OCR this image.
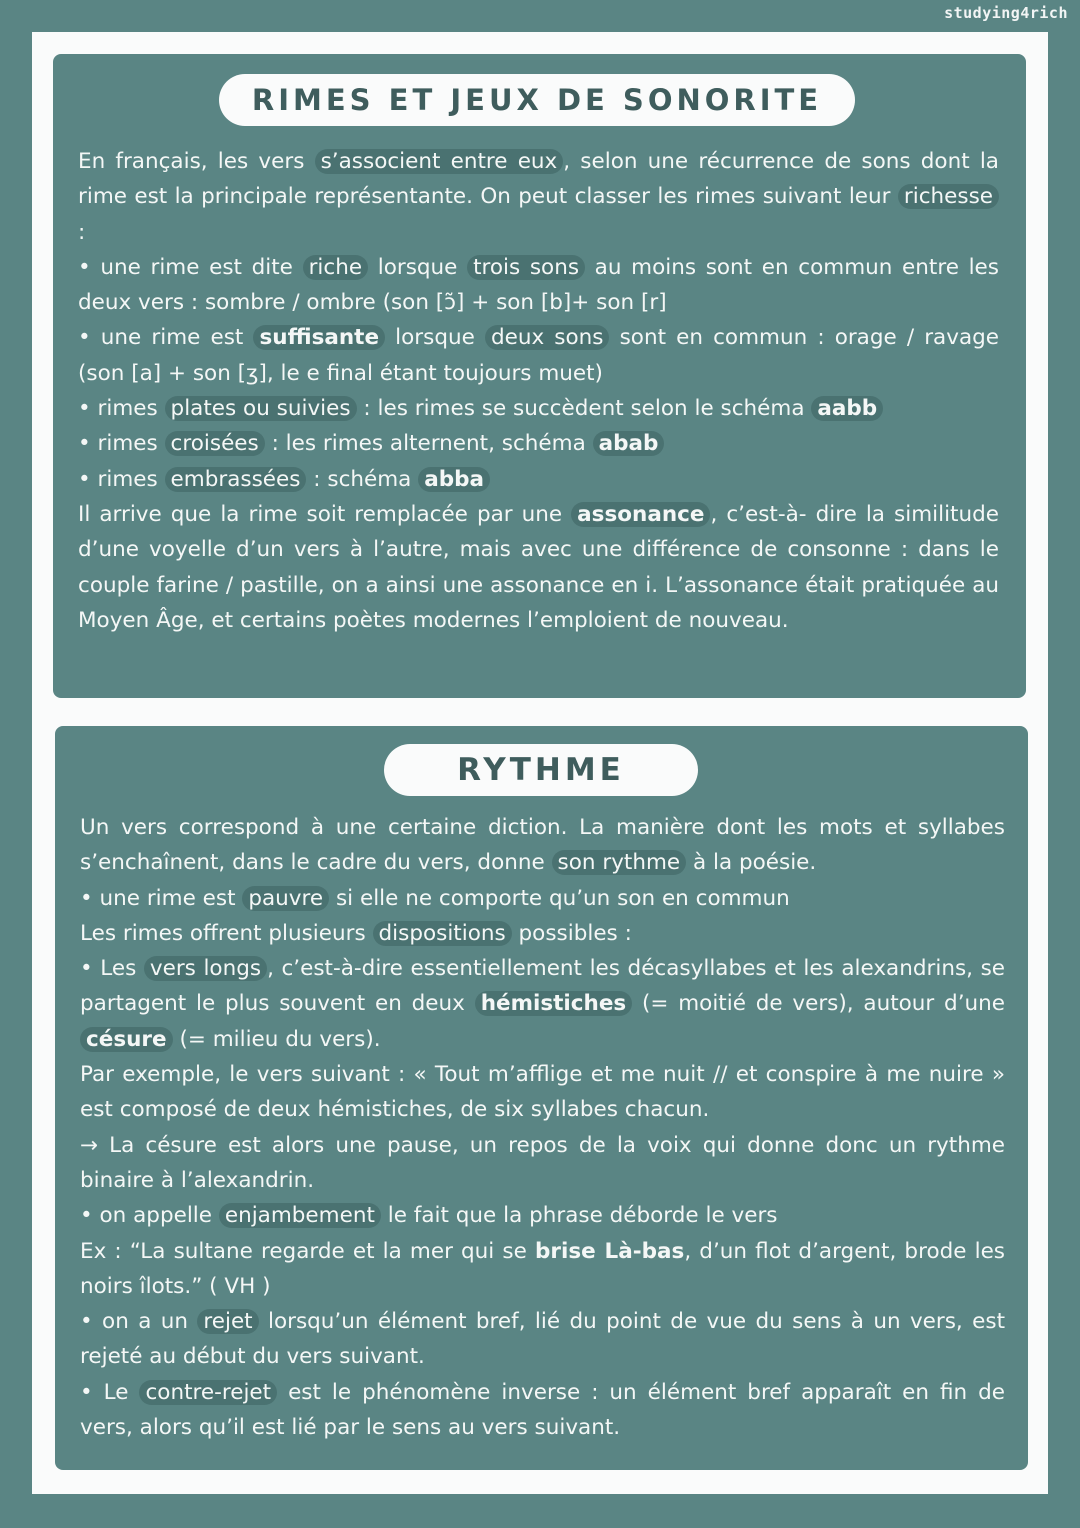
studying4rich
RIMES ET JEUX DE SONORITE

En français, les vers s’associent entre eux , selon une récurrence de sons dont la rime est la principale représentante. On peut classer les rimes suivant leur richesse :

• une rime est dite riche lorsque trois sons au moins sont en commun entre les deux vers : sombre / ombre (son [ɔ̃] + son [b]+ son [r]

• une rime est suffisante lorsque deux sons sont en commun : orage / ravage (son [a] + son [ʒ], le e final étant toujours muet)

• rimes plates ou suivies : les rimes se succèdent selon le schéma aabb

• rimes croisées : les rimes alternent, schéma abab

• rimes embrassées : schéma abba

Il arrive que la rime soit remplacée par une assonance , c’est-à- dire la similitude d’une voyelle d’un vers à l’autre, mais avec une différence de consonne : dans le couple farine / pastille, on a ainsi une assonance en i. L’assonance était pratiquée au Moyen Âge, et certains poètes modernes l’emploient de nouveau.

RYTHME

Un vers correspond à une certaine diction. La manière dont les mots et syllabes s’enchaînent, dans le cadre du vers, donne son rythme à la poésie.

• une rime est pauvre si elle ne comporte qu’un son en commun

Les rimes offrent plusieurs dispositions possibles :

• Les vers longs , c’est-à-dire essentiellement les décasyllabes et les alexandrins, se partagent le plus souvent en deux hémistiches (= moitié de vers), autour d’une césure (= milieu du vers).

Par exemple, le vers suivant : « Tout m’afflige et me nuit // et conspire à me nuire » est composé de deux hémistiches, de six syllabes chacun.

→ La césure est alors une pause, un repos de la voix qui donne donc un rythme binaire à l’alexandrin.

• on appelle enjambement le fait que la phrase déborde le vers

Ex : “La sultane regarde et la mer qui se brise Là-bas, d’un flot d’argent, brode les noirs îlots.” ( VH )

• on a un rejet lorsqu’un élément bref, lié du point de vue du sens à un vers, est rejeté au début du vers suivant.

• Le contre-rejet est le phénomène inverse : un élément bref apparaît en fin de vers, alors qu’il est lié par le sens au vers suivant.
